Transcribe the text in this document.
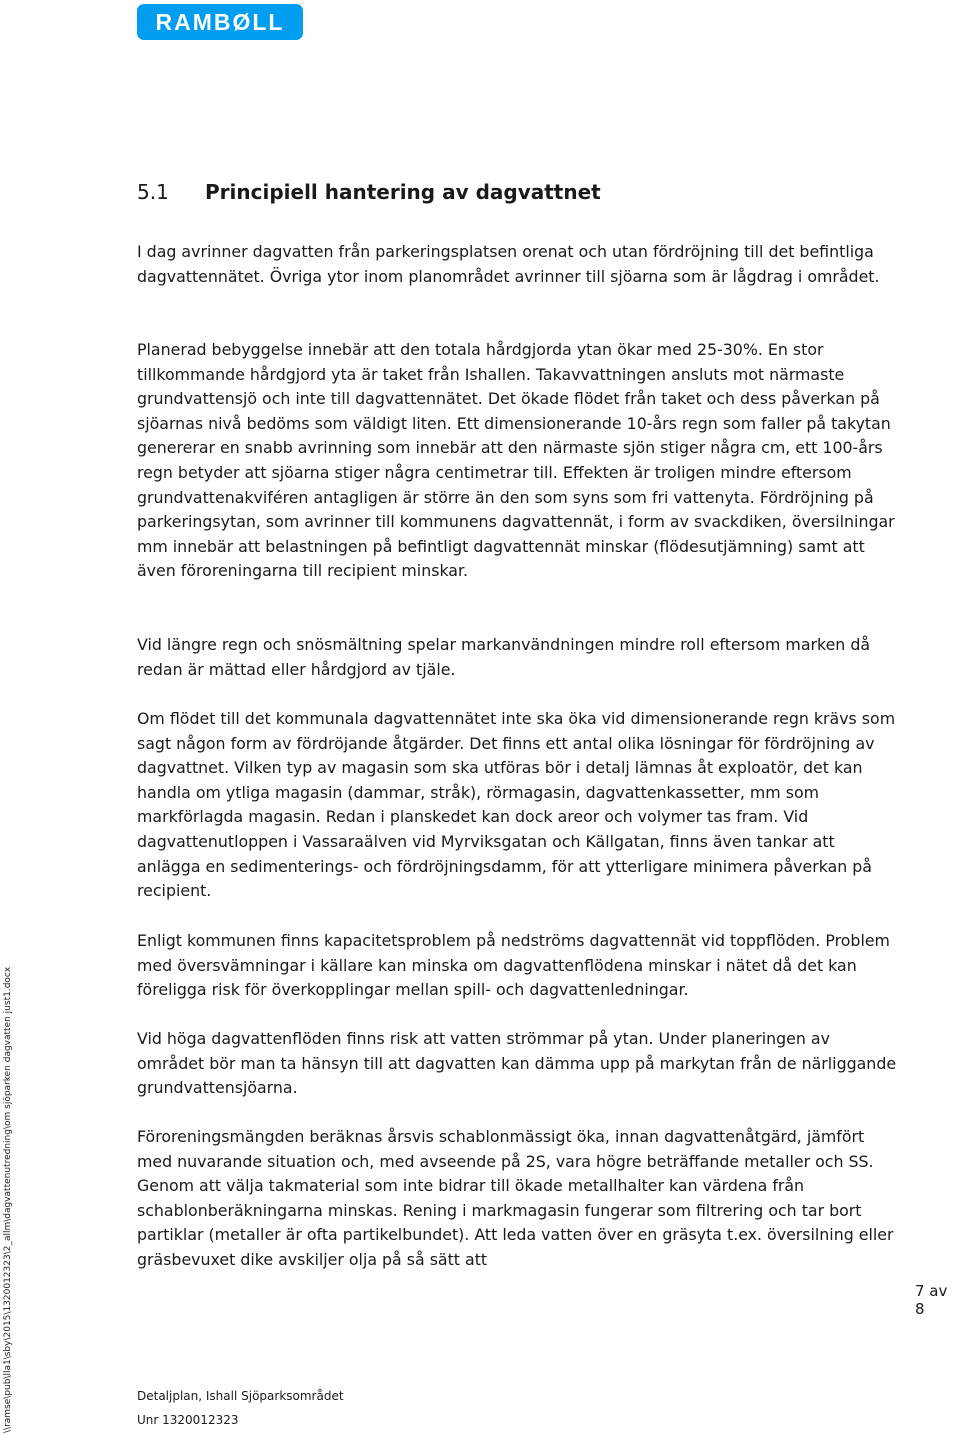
RAMBØLL
5.1 Principiell hantering av dagvattnet

I dag avrinner dagvatten från parkeringsplatsen orenat och utan fördröjning till det befintliga dagvattennätet. Övriga ytor inom planområdet avrinner till sjöarna som är lågdrag i området.

Planerad bebyggelse innebär att den totala hårdgjorda ytan ökar med 25-30%. En stor tillkommande hårdgjord yta är taket från Ishallen. Takavvattningen ansluts mot närmaste grundvattensjö och inte till dagvattennätet. Det ökade flödet från taket och dess påverkan på sjöarnas nivå bedöms som väldigt liten. Ett dimensionerande 10-års regn som faller på takytan genererar en snabb avrinning som innebär att den närmaste sjön stiger några cm, ett 100-års regn betyder att sjöarna stiger några centimetrar till. Effekten är troligen mindre eftersom grundvattenakviféren antagligen är större än den som syns som fri vattenyta. Fördröjning på parkeringsytan, som avrinner till kommunens dagvattennät, i form av svackdiken, översilningar mm innebär att belastningen på befintligt dagvattennät minskar (flödesutjämning) samt att även föroreningarna till recipient minskar.

Vid längre regn och snösmältning spelar markanvändningen mindre roll eftersom marken då redan är mättad eller hårdgjord av tjäle.

Om flödet till det kommunala dagvattennätet inte ska öka vid dimensionerande regn krävs som sagt någon form av fördröjande åtgärder. Det finns ett antal olika lösningar för fördröjning av dagvattnet. Vilken typ av magasin som ska utföras bör i detalj lämnas åt exploatör, det kan handla om ytliga magasin (dammar, stråk), rörmagasin, dagvattenkassetter, mm som markförlagda magasin. Redan i planskedet kan dock areor och volymer tas fram. Vid dagvattenutloppen i Vassaraälven vid Myrviksgatan och Källgatan, finns även tankar att anlägga en sedimenterings- och fördröjningsdamm, för att ytterligare minimera påverkan på recipient.

Enligt kommunen finns kapacitetsproblem på nedströms dagvattennät vid toppflöden. Problem med översvämningar i källare kan minska om dagvattenflödena minskar i nätet då det kan föreligga risk för överkopplingar mellan spill- och dagvattenledningar.

Vid höga dagvattenflöden finns risk att vatten strömmar på ytan. Under planeringen av området bör man ta hänsyn till att dagvatten kan dämma upp på markytan från de närliggande grundvattensjöarna.

Föroreningsmängden beräknas årsvis schablonmässigt öka, innan dagvattenåtgärd, jämfört med nuvarande situation och, med avseende på 2S, vara högre beträffande metaller och SS. Genom att välja takmaterial som inte bidrar till ökade metallhalter kan värdena från schablonberäkningarna minskas. Rening i markmagasin fungerar som filtrering och tar bort partiklar (metaller är ofta partikelbundet). Att leda vatten över en gräsyta t.ex. översilning eller gräsbevuxet dike avskiljer olja på så sätt att

\\ramse\pub\lla1\sby\2015\1320012323\2_allm\dagvattenutredning\om sjöparken dagvatten just1.docx	7 av 8
Detaljplan, Ishall Sjöparksområdet
Unr 1320012323
